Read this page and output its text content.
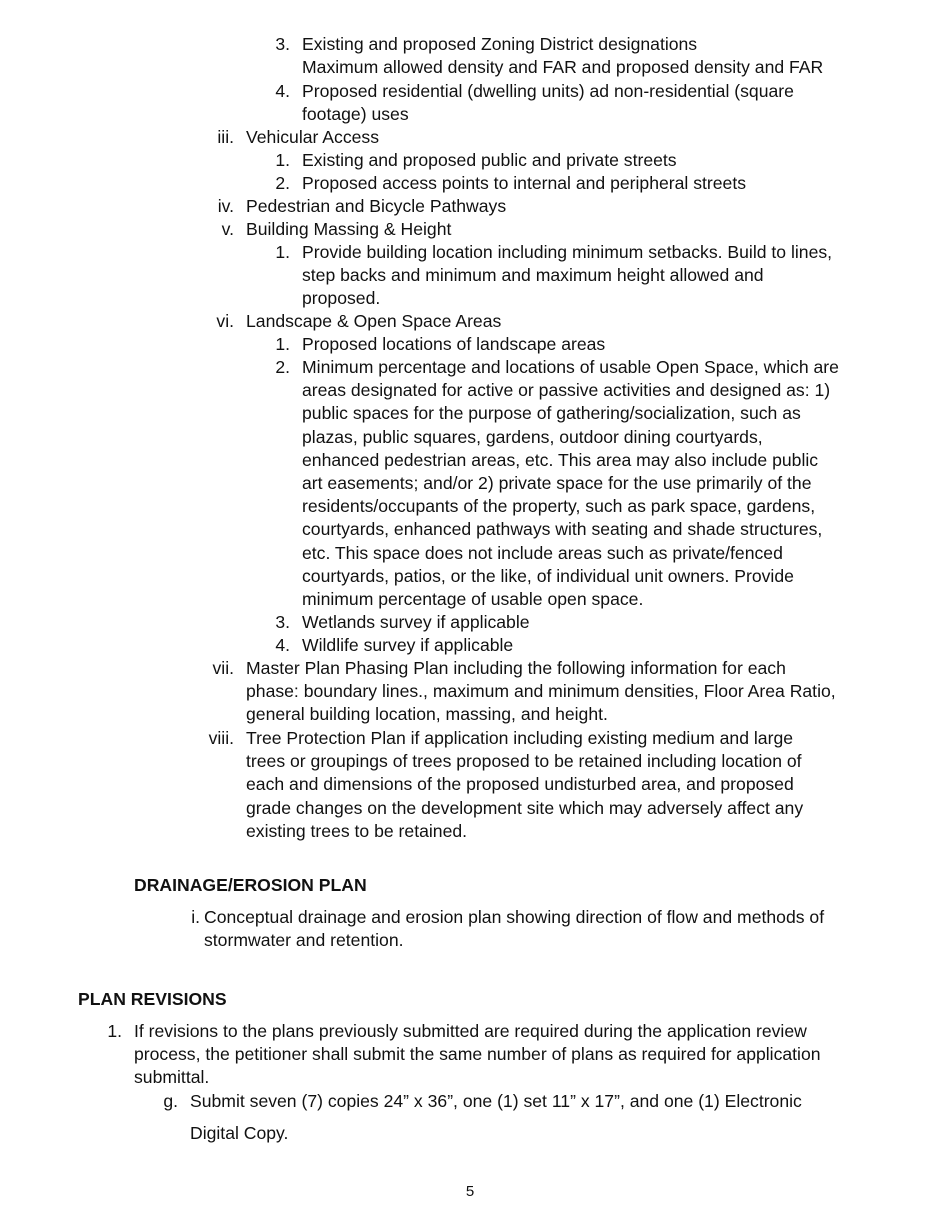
3. Existing and proposed Zoning District designations
Maximum allowed density and FAR and proposed density and FAR
4. Proposed residential (dwelling units) ad non-residential (square
footage) uses
iii. Vehicular Access
1. Existing and proposed public and private streets
2. Proposed access points to internal and peripheral streets
iv. Pedestrian and Bicycle Pathways
v. Building Massing & Height
1. Provide building location including minimum setbacks. Build to lines,
step backs and minimum and maximum height allowed and
proposed.
vi. Landscape & Open Space Areas
1. Proposed locations of landscape areas
2. Minimum percentage and locations of usable Open Space, which are
areas designated for active or passive activities and designed as: 1)
public spaces for the purpose of gathering/socialization, such as
plazas, public squares, gardens, outdoor dining courtyards,
enhanced pedestrian areas, etc. This area may also include public
art easements; and/or 2) private space for the use primarily of the
residents/occupants of the property, such as park space, gardens,
courtyards, enhanced pathways with seating and shade structures,
etc. This space does not include areas such as private/fenced
courtyards, patios, or the like, of individual unit owners. Provide
minimum percentage of usable open space.
3. Wetlands survey if applicable
4. Wildlife survey if applicable
vii. Master Plan Phasing Plan including the following information for each
phase: boundary lines., maximum and minimum densities, Floor Area Ratio,
general building location, massing, and height.
viii. Tree Protection Plan if application including existing medium and large
trees or groupings of trees proposed to be retained including location of
each and dimensions of the proposed undisturbed area, and proposed
grade changes on the development site which may adversely affect any
existing trees to be retained.
DRAINAGE/EROSION PLAN
i. Conceptual drainage and erosion plan showing direction of flow and methods of
stormwater and retention.
PLAN REVISIONS
1. If revisions to the plans previously submitted are required during the application review
process, the petitioner shall submit the same number of plans as required for application
submittal.
g. Submit seven (7) copies 24” x 36”, one (1) set 11” x 17”, and one (1) Electronic
Digital Copy.
5
